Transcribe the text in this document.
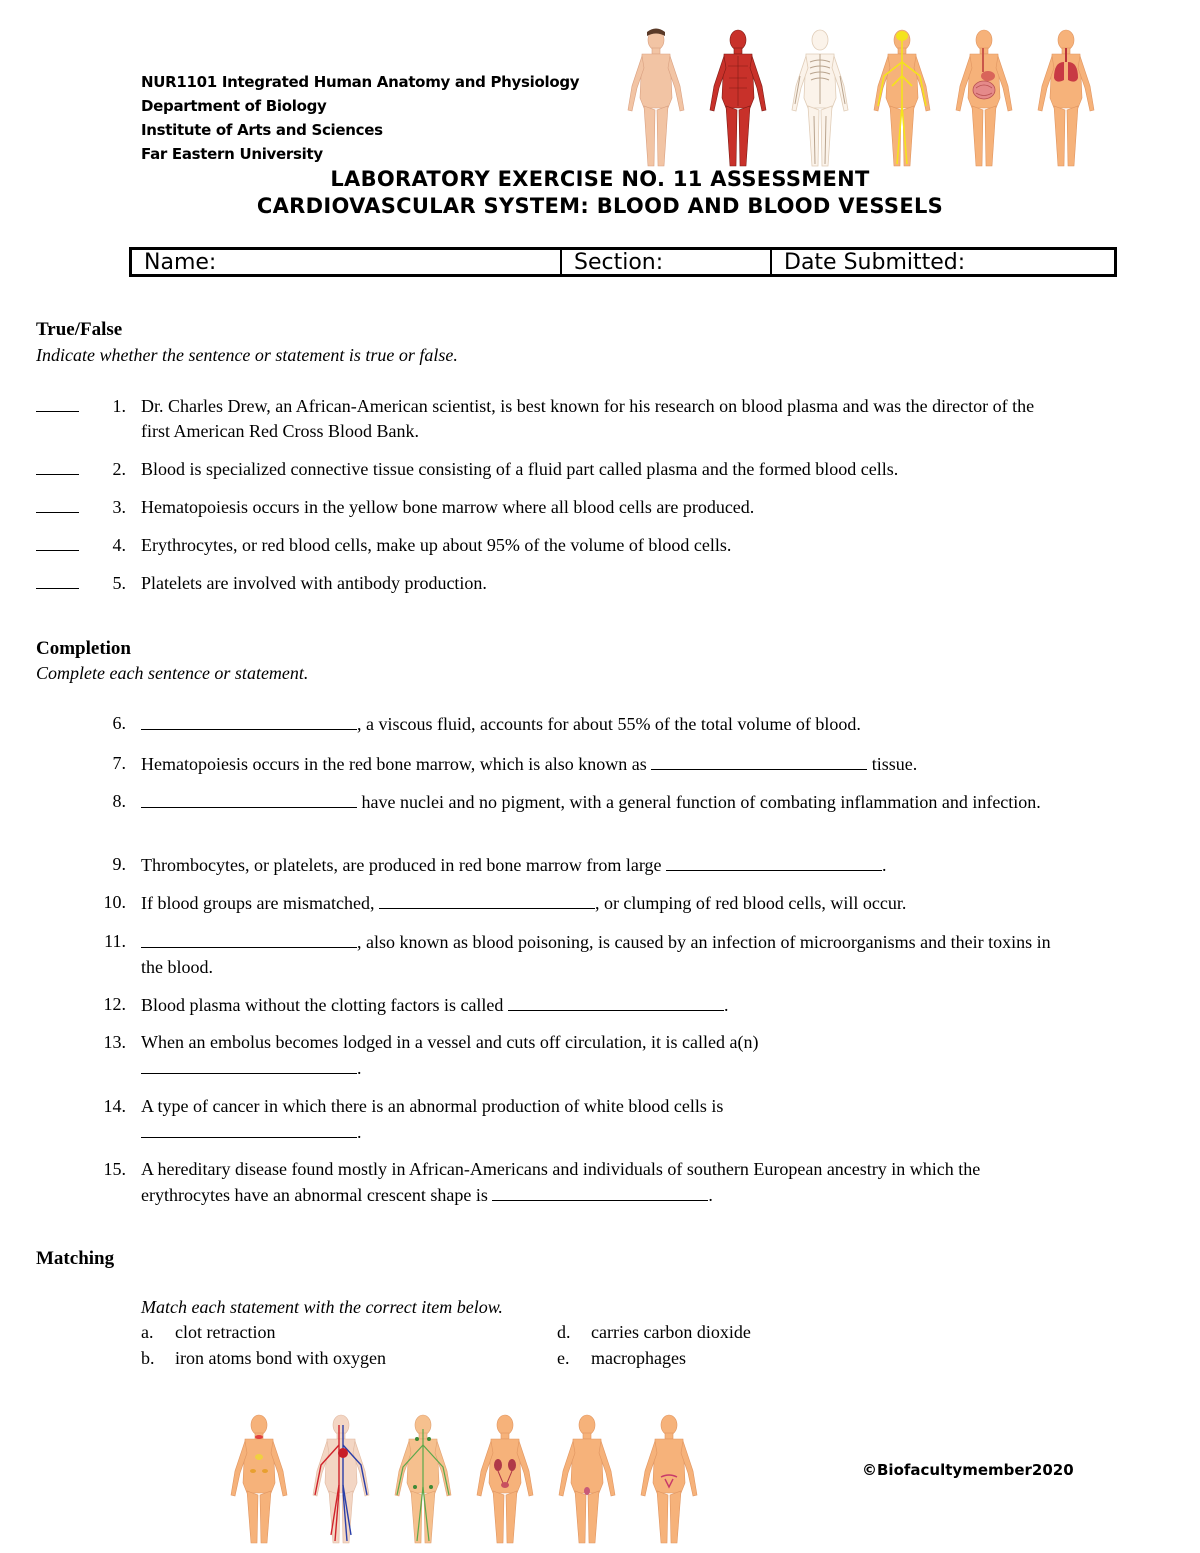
NUR1101 Integrated Human Anatomy and Physiology
Department of Biology
Institute of Arts and Sciences
Far Eastern University
LABORATORY EXERCISE NO. 11 ASSESSMENT
CARDIOVASCULAR SYSTEM: BLOOD AND BLOOD VESSELS
Name:	Section:	Date Submitted:
True/False
Indicate whether the sentence or statement is true or false.
1. Dr. Charles Drew, an African-American scientist, is best known for his research on blood plasma and was the director of the first American Red Cross Blood Bank.
2. Blood is specialized connective tissue consisting of a fluid part called plasma and the formed blood cells.
3. Hematopoiesis occurs in the yellow bone marrow where all blood cells are produced.
4. Erythrocytes, or red blood cells, make up about 95% of the volume of blood cells.
5. Platelets are involved with antibody production.
Completion
Complete each sentence or statement.
6.	, a viscous fluid, accounts for about 55% of the total volume of blood.
7. Hematopoiesis occurs in the red bone marrow, which is also known as	tissue.
8.	have nuclei and no pigment, with a general function of combating inflammation and infection.
9. Thrombocytes, or platelets, are produced in red bone marrow from large	.
10. If blood groups are mismatched,	, or clumping of red blood cells, will occur.
11.	, also known as blood poisoning, is caused by an infection of microorganisms and their toxins in the blood.
12. Blood plasma without the clotting factors is called	.
13. When an embolus becomes lodged in a vessel and cuts off circulation, it is called a(n)
.
14. A type of cancer in which there is an abnormal production of white blood cells is
.
15. A hereditary disease found mostly in African-Americans and individuals of southern European ancestry in which the erythrocytes have an abnormal crescent shape is	.
Matching
Match each statement with the correct item below.
a. clot retraction
b. iron atoms bond with oxygen
d. carries carbon dioxide
e. macrophages
©Biofacultymember2020
